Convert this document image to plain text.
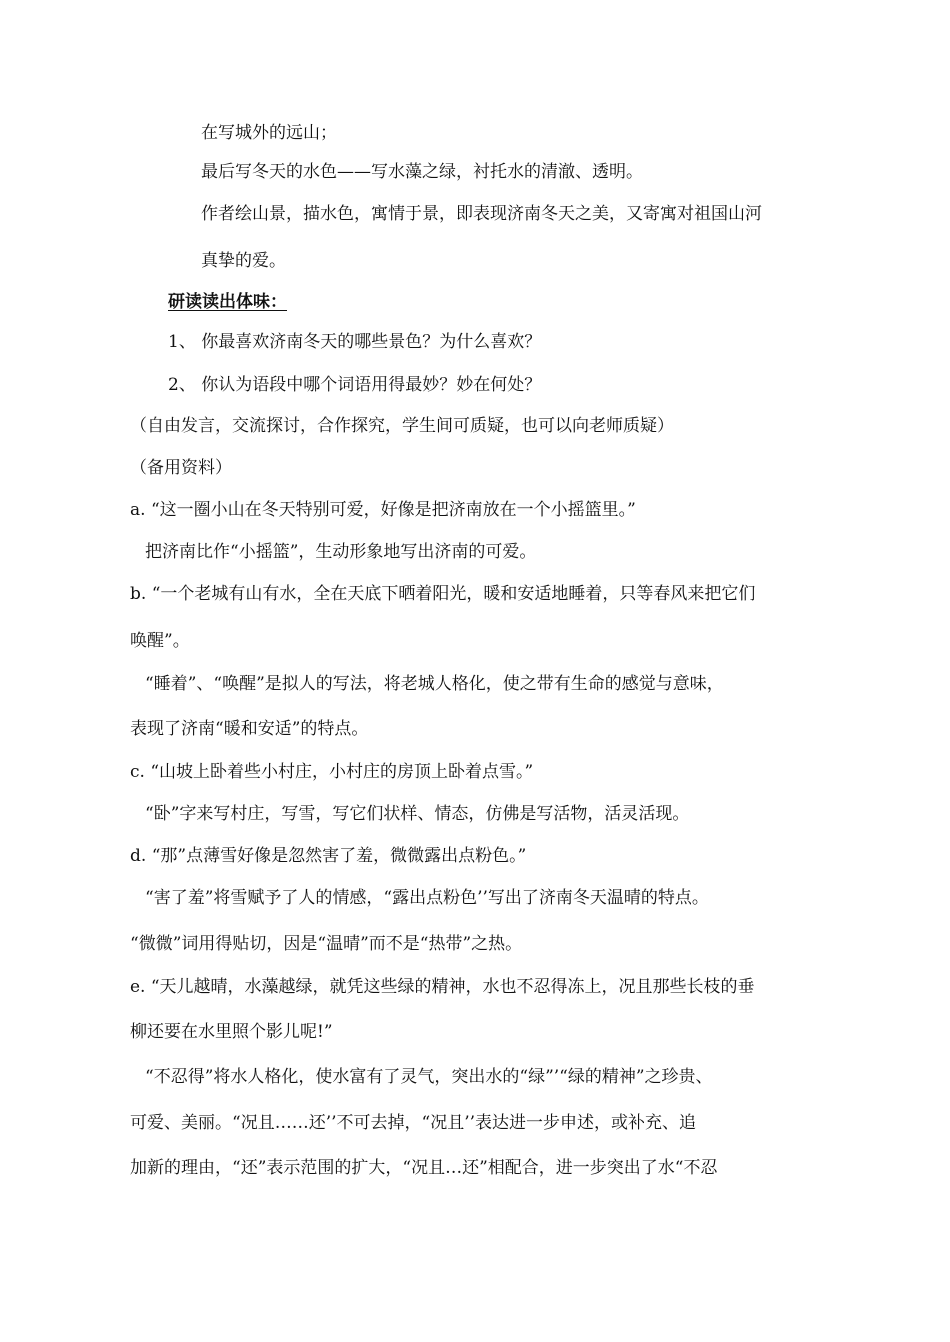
在写城外的远山；
最后写冬天的水色——写水藻之绿，衬托水的清澈、透明。
作者绘山景，描水色，寓情于景，即表现济南冬天之美，又寄寓对祖国山河
真挚的爱。
研读读出体味：
1、 你最喜欢济南冬天的哪些景色？为什么喜欢？
2、 你认为语段中哪个词语用得最妙？妙在何处？
（自由发言，交流探讨，合作探究，学生间可质疑，也可以向老师质疑）
（备用资料）
a. “这一圈小山在冬天特别可爱，好像是把济南放在一个小摇篮里。”
把济南比作“小摇篮”，生动形象地写出济南的可爱。
b. “一个老城有山有水，全在天底下晒着阳光，暖和安适地睡着，只等春风来把它们
唤醒”。
“睡着”、“唤醒”是拟人的写法，将老城人格化，使之带有生命的感觉与意味，
表现了济南“暖和安适”的特点。
c. “山坡上卧着些小村庄，小村庄的房顶上卧着点雪。”
“卧”字来写村庄，写雪，写它们状样、情态，仿佛是写活物，活灵活现。
d. “那”点薄雪好像是忽然害了羞，微微露出点粉色。”
“害了羞”将雪赋予了人的情感，“露出点粉色’’写出了济南冬天温晴的特点。
“微微”词用得贴切，因是“温晴”而不是“热带”之热。
e. “天儿越晴，水藻越绿，就凭这些绿的精神，水也不忍得冻上，况且那些长枝的垂
柳还要在水里照个影儿呢!”
“不忍得”将水人格化，使水富有了灵气，突出水的“绿”’“绿的精神”之珍贵、
可爱、美丽。“况且……还’’不可去掉，“况且’’表达进一步申述，或补充、追
加新的理由，“还”表示范围的扩大，“况且…还”相配合，进一步突出了水“不忍
